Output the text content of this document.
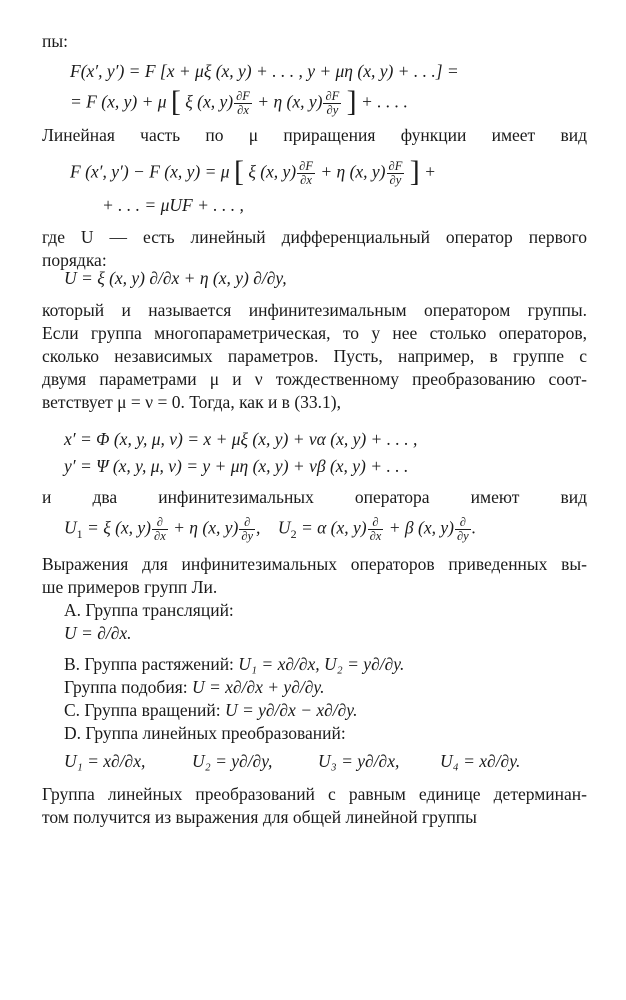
пы:
F(x′, y′) = F [x + μξ (x, y) + . . . , y + μη (x, y) + . . .] =
= F (x, y) + μ [ ξ (x, $y) \frac{\partial F}{\partial x} + \eta$ (x, $y) \frac{\partial F}{\partial y}$ ] + . . . .
Линейная часть по μ приращения функции имеет вид
F (x′, y′) − F (x, y) = μ [ ξ (x, $y) \frac{\partial F}{\partial x} + \eta$ (x, $y) \frac{\partial F}{\partial y}$ ] +
+ . . . = μUF + . . . ,
где U — есть линейный дифференциальный оператор первого
порядка:
U = ξ (x, y) ∂/∂x + η (x, y) ∂/∂y,
который и называется инфинитезимальным оператором группы.
Если группа многопараметрическая, то у нее столько операторов,
сколько независимых параметров. Пусть, например, в группе с
двумя параметрами μ и ν тождественному преобразованию соот-
ветствует μ = ν = 0. Тогда, как и в (33.1),
x′ = Φ (x, y, μ, ν) = x + μξ (x, y) + να (x, y) + . . . ,
y′ = Ψ (x, y, μ, ν) = y + μη (x, y) + νβ (x, y) + . . .
и два инфинитезимальных оператора имеют вид
$U_1 = \xi$ (x, $y) \frac{\partial}{\partial x} + \eta$ (x, $y) \frac{\partial}{\partial y}$ ,    $U_2 = \alpha$ (x, $y) \frac{\partial}{\partial x} + \beta$ (x, $y) \frac{\partial}{\partial y}$ .
Выражения для инфинитезимальных операторов приведенных вы-
ше примеров групп Ли.
А. Группа трансляций:
U = ∂/∂x.
В. Группа растяжений: U₁ = x∂/∂x, U₂ = y∂/∂y.
Группа подобия: U = x∂/∂x + y∂/∂y.
С. Группа вращений: U = y∂/∂x − x∂/∂y.
D. Группа линейных преобразований:
U₁ = x∂/∂x,	U₂ = y∂/∂y,	U₃ = y∂/∂x, U₄ = x∂/∂y.
Группа линейных преобразований с равным единице детерминан-
том получится из выражения для общей линейной группы
